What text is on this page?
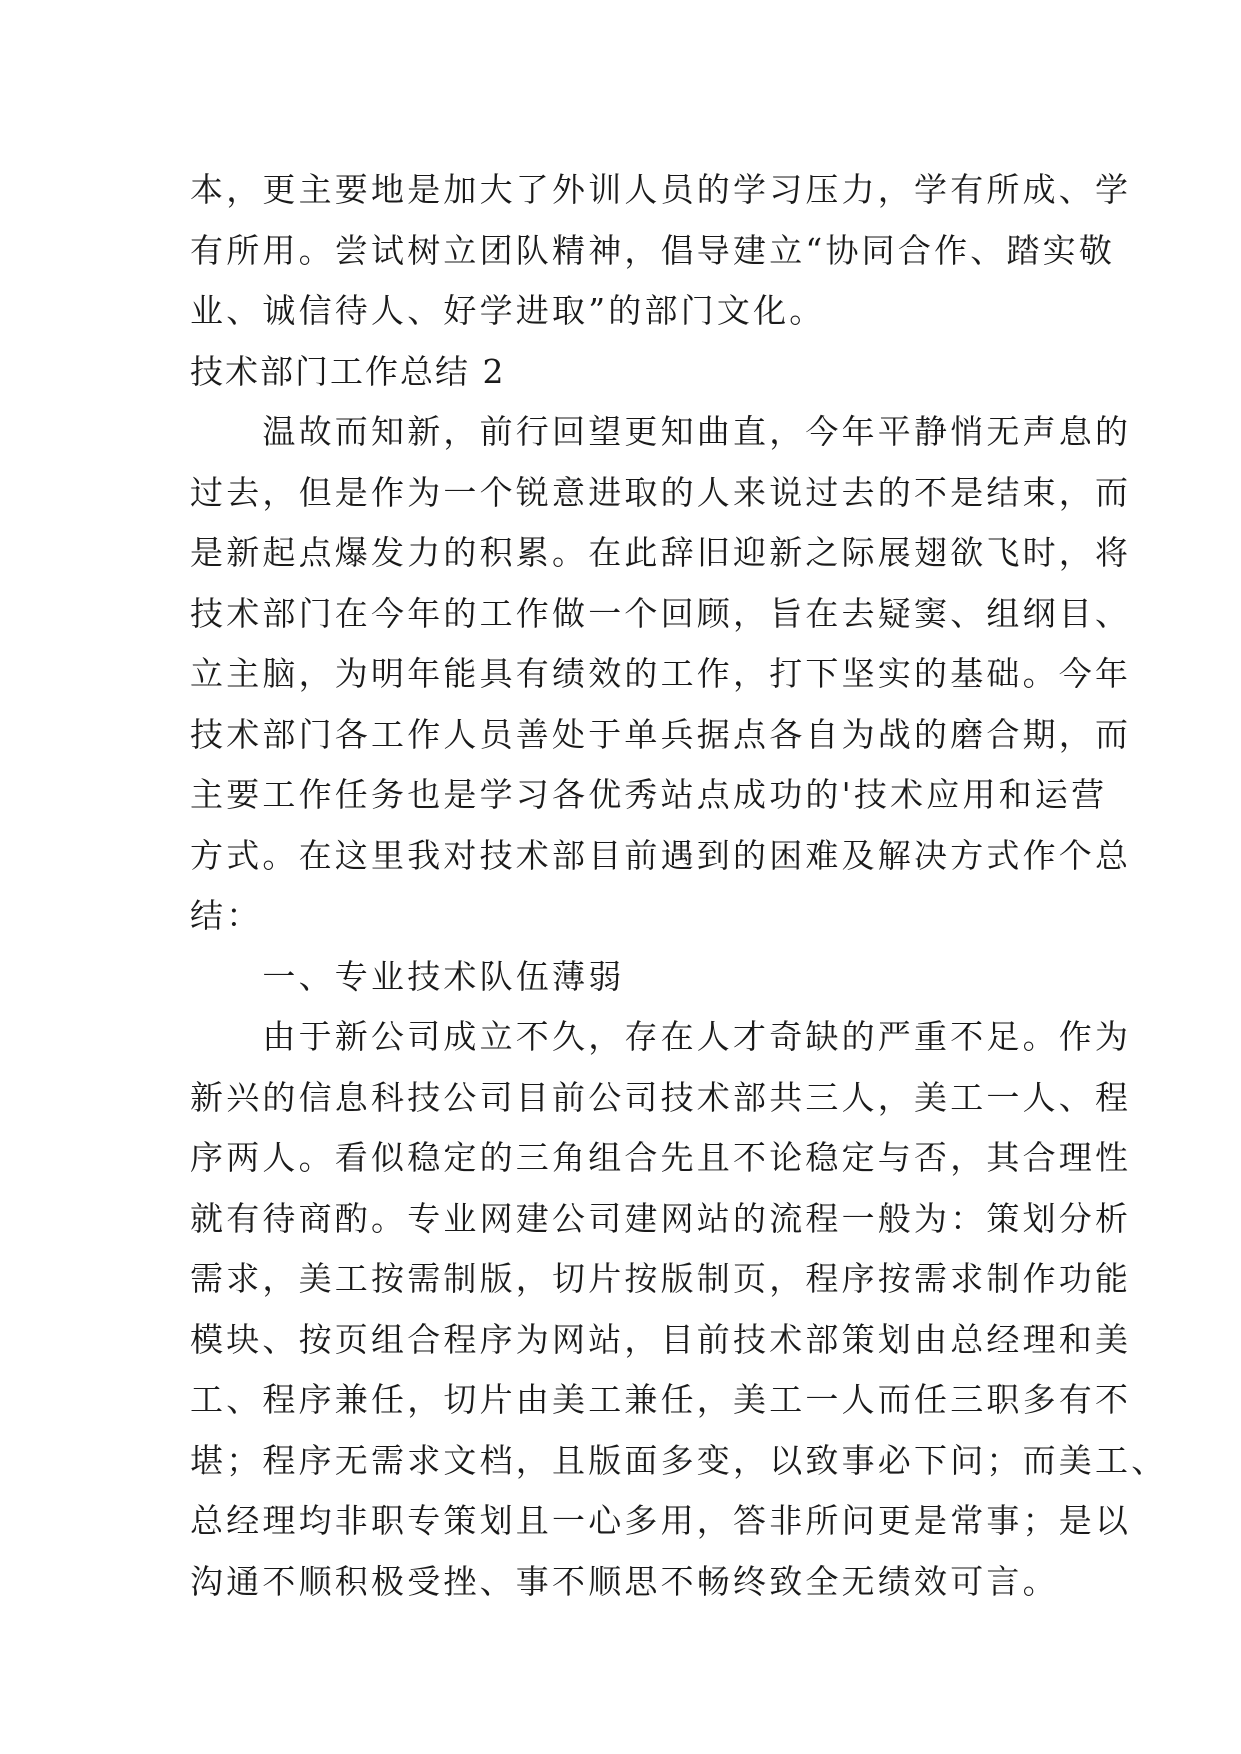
本，更主要地是加大了外训人员的学习压力，学有所成、学
有所用。尝试树立团队精神，倡导建立“协同合作、踏实敬
业、诚信待人、好学进取”的部门文化。
技术部门工作总结 2
　　温故而知新，前行回望更知曲直，今年平静悄无声息的
过去，但是作为一个锐意进取的人来说过去的不是结束，而
是新起点爆发力的积累。在此辞旧迎新之际展翅欲飞时，将
技术部门在今年的工作做一个回顾，旨在去疑窦、组纲目、
立主脑，为明年能具有绩效的工作，打下坚实的基础。今年
技术部门各工作人员善处于单兵据点各自为战的磨合期，而
主要工作任务也是学习各优秀站点成功的'技术应用和运营
方式。在这里我对技术部目前遇到的困难及解决方式作个总
结：
　　一、专业技术队伍薄弱
　　由于新公司成立不久，存在人才奇缺的严重不足。作为
新兴的信息科技公司目前公司技术部共三人，美工一人、程
序两人。看似稳定的三角组合先且不论稳定与否，其合理性
就有待商酌。专业网建公司建网站的流程一般为：策划分析
需求，美工按需制版，切片按版制页，程序按需求制作功能
模块、按页组合程序为网站，目前技术部策划由总经理和美
工、程序兼任，切片由美工兼任，美工一人而任三职多有不
堪；程序无需求文档，且版面多变，以致事必下问；而美工、
总经理均非职专策划且一心多用，答非所问更是常事；是以
沟通不顺积极受挫、事不顺思不畅终致全无绩效可言。
